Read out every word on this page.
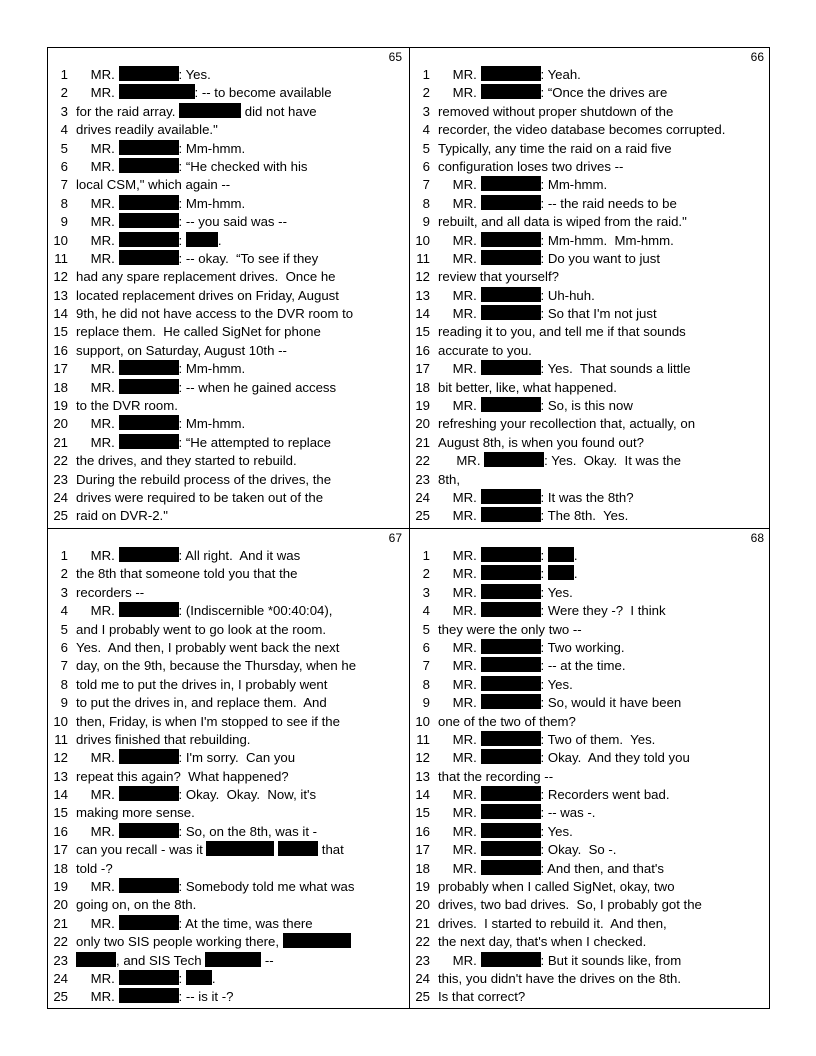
65
1 MR.	: Yes.
2 MR.	: -- to become available
3 for the raid array.	did not have
4 drives readily available."
5 MR.	: Mm-hmm.
6 MR.	: “He checked with his
7 local CSM," which again --
8 MR.	: Mm-hmm.
9 MR.	: -- you said was --
10 MR.	: .
11 MR.	: -- okay.  “To see if they
12 had any spare replacement drives.  Once he
13 located replacement drives on Friday, August
14 9th, he did not have access to the DVR room to
15 replace them.  He called SigNet for phone
16 support, on Saturday, August 10th --
17 MR.	: Mm-hmm.
18 MR.	: -- when he gained access
19 to the DVR room.
20 MR.	: Mm-hmm.
21 MR.	: “He attempted to replace
22 the drives, and they started to rebuild.
23 During the rebuild process of the drives, the
24 drives were required to be taken out of the
25 raid on DVR-2."
66
1 MR.	: Yeah.
2 MR.	: “Once the drives are
3 removed without proper shutdown of the
4 recorder, the video database becomes corrupted.
5 Typically, any time the raid on a raid five
6 configuration loses two drives --
7 MR.	: Mm-hmm.
8 MR.	: -- the raid needs to be
9 rebuilt, and all data is wiped from the raid."
10 MR.	: Mm-hmm.  Mm-hmm.
11 MR.	: Do you want to just
12 review that yourself?
13 MR.	: Uh-huh.
14 MR.	: So that I'm not just
15 reading it to you, and tell me if that sounds
16 accurate to you.
17 MR.	: Yes.  That sounds a little
18 bit better, like, what happened.
19 MR.	: So, is this now
20 refreshing your recollection that, actually, on
21 August 8th, is when you found out?
22 MR.	: Yes.  Okay.  It was the
23 8th,
24 MR.	: It was the 8th?
25 MR.	: The 8th.  Yes.
67
1 MR.	: All right.  And it was
2 the 8th that someone told you that the
3 recorders --
4 MR.	: (Indiscernible *00:40:04),
5 and I probably went to go look at the room.
6 Yes.  And then, I probably went back the next
7 day, on the 9th, because the Thursday, when he
8 told me to put the drives in, I probably went
9 to put the drives in, and replace them.  And
10 then, Friday, is when I'm stopped to see if the
11 drives finished that rebuilding.
12 MR.	: I'm sorry.  Can you
13 repeat this again?  What happened?
14 MR.	: Okay.  Okay.  Now, it's
15 making more sense.
16 MR.	: So, on the 8th, was it -
17 can you recall - was it	that
18 told -?
19 MR.	: Somebody told me what was
20 going on, on the 8th.
21 MR.	: At the time, was there
22 only two SIS people working there,
23	, and SIS Tech	--
24 MR.	: .
25 MR.	: -- is it -?
68
1 MR.	: .
2 MR.	: .
3 MR.	: Yes.
4 MR.	: Were they -?  I think
5 they were the only two --
6 MR.	: Two working.
7 MR.	: -- at the time.
8 MR.	: Yes.
9 MR.	: So, would it have been
10 one of the two of them?
11 MR.	: Two of them.  Yes.
12 MR.	: Okay.  And they told you
13 that the recording --
14 MR.	: Recorders went bad.
15 MR.	: -- was -.
16 MR.	: Yes.
17 MR.	: Okay.  So -.
18 MR.	: And then, and that's
19 probably when I called SigNet, okay, two
20 drives, two bad drives.  So, I probably got the
21 drives.  I started to rebuild it.  And then,
22 the next day, that's when I checked.
23 MR.	: But it sounds like, from
24 this, you didn't have the drives on the 8th.
25 Is that correct?
